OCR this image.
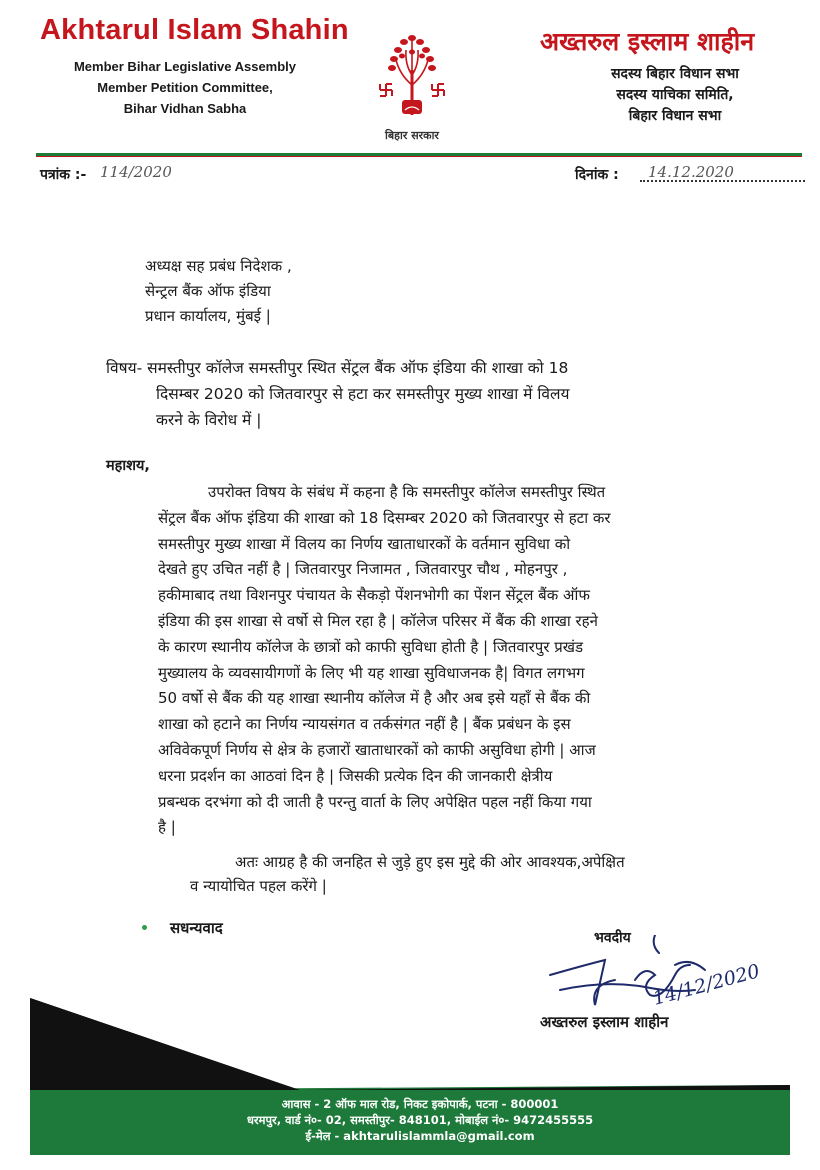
Akhtarul Islam Shahin
Member Bihar Legislative Assembly
Member Petition Committee,
Bihar Vidhan Sabha
बिहार सरकार
अख्तरुल इस्लाम शाहीन
सदस्य बिहार विधान सभा
सदस्य याचिका समिति,
बिहार विधान सभा
पत्रांक :- 114/2020	दिनांक : 14.12.2020
अध्यक्ष सह प्रबंध निदेशक ,
सेन्ट्रल बैंक ऑफ इंडिया
प्रधान कार्यालय, मुंबई |
विषय- समस्तीपुर कॉलेज समस्तीपुर स्थित सेंट्रल बैंक ऑफ इंडिया की शाखा को 18
दिसम्बर 2020 को जितवारपुर से हटा कर समस्तीपुर मुख्य शाखा में विलय
करने के विरोध में |
महाशय,
उपरोक्त विषय के संबंध में कहना है कि समस्तीपुर कॉलेज समस्तीपुर स्थित
सेंट्रल बैंक ऑफ इंडिया की शाखा को 18 दिसम्बर 2020 को जितवारपुर से हटा कर
समस्तीपुर मुख्य शाखा में विलय का निर्णय खाताधारकों के वर्तमान सुविधा को
देखते हुए उचित नहीं है | जितवारपुर निजामत , जितवारपुर चौथ , मोहनपुर ,
हकीमाबाद तथा विशनपुर पंचायत के सैकड़ो पेंशनभोगी का पेंशन सेंट्रल बैंक ऑफ
इंडिया की इस शाखा से वर्षो से मिल रहा है | कॉलेज परिसर में बैंक की शाखा रहने
के कारण स्थानीय कॉलेज के छात्रों को काफी सुविधा होती है | जितवारपुर प्रखंड
मुख्यालय के व्यवसायीगणों के लिए भी यह शाखा सुविधाजनक है| विगत लगभग
50 वर्षो से बैंक की यह शाखा स्थानीय कॉलेज में है और अब इसे यहाँ से बैंक की
शाखा को हटाने का निर्णय न्यायसंगत व तर्कसंगत नहीं है | बैंक प्रबंधन के इस
अविवेकपूर्ण निर्णय से क्षेत्र के हजारों खाताधारकों को काफी असुविधा होगी | आज
धरना प्रदर्शन का आठवां दिन है | जिसकी प्रत्येक दिन की जानकारी क्षेत्रीय
प्रबन्धक दरभंगा को दी जाती है परन्तु वार्ता के लिए अपेक्षित पहल नहीं किया गया
है |
अतः आग्रह है की जनहित से जुड़े हुए इस मुद्दे की ओर आवश्यक,अपेक्षित
व न्यायोचित पहल करेंगे |
सधन्यवाद
भवदीय
14/12/2020
अख्तरुल इस्लाम शाहीन
आवास - 2 ऑफ माल रोड, निकट इकोपार्क, पटना - 800001
धरमपुर, वार्ड नं०- 02, समस्तीपुर- 848101, मोबाईल नं०- 9472455555
ई-मेल - akhtarulislammla@gmail.com
